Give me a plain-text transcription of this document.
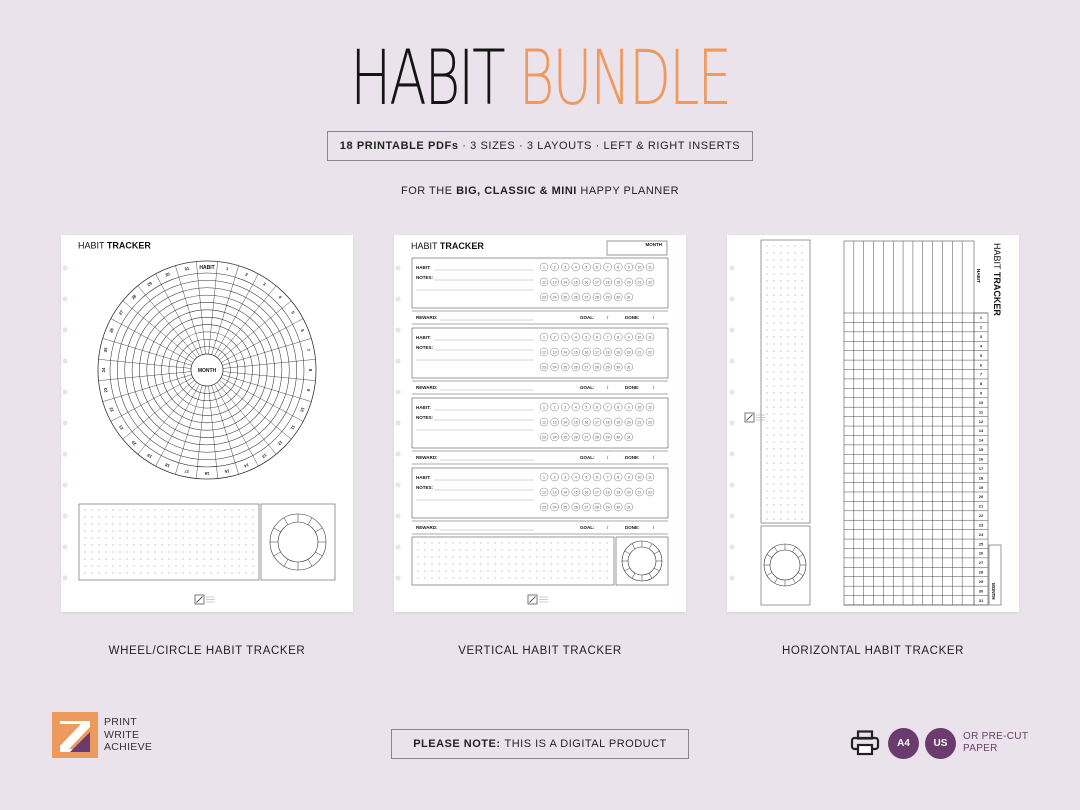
HABIT BUNDLE
18 PRINTABLE PDFs · 3 SIZES · 3 LAYOUTS · LEFT & RIGHT INSERTS
FOR THE BIG, CLASSIC & MINI HAPPY PLANNER
HABIT TRACKER
HABIT
MONTH
1
2
3
4
5
6
7
8
9
10
11
12
13
14
15
16
17
18
19
20
21
22
23
24
25
26
27
28
29
30
31
WHEEL/CIRCLE HABIT TRACKER
HABIT TRACKER	MONTH
HABIT:
NOTES:
1 2 3 4 5 6 7 8 9 10 11
12 13 14 15 16 17 18 19 20 21 22
23 24 25 26 27 28 29 30 31
REWARD:	GOAL:	/	DONE:	/
HABIT:
NOTES:
1 2 3 4 5 6 7 8 9 10 11
12 13 14 15 16 17 18 19 20 21 22
23 24 25 26 27 28 29 30 31
REWARD:	GOAL:	/	DONE:	/
HABIT:
NOTES:
1 2 3 4 5 6 7 8 9 10 11
12 13 14 15 16 17 18 19 20 21 22
23 24 25 26 27 28 29 30 31
REWARD:	GOAL:	/	DONE:	/
HABIT:
NOTES:
1 2 3 4 5 6 7 8 9 10 11
12 13 14 15 16 17 18 19 20 21 22
23 24 25 26 27 28 29 30 31
REWARD:	GOAL:	/	DONE:	/
VERTICAL HABIT TRACKER
1
2
3
4
5
6
7
8
9
10
11
12
13
14
15
16
17
18
19
20
21
22
23
24
25
26
27
28
29
30
31
HABIT
HABIT TRACKER
MONTH
HORIZONTAL HABIT TRACKER
PRINT
WRITE
ACHIEVE	PLEASE NOTE: THIS IS A DIGITAL PRODUCT	A4	US
OR PRE-CUT
PAPER
